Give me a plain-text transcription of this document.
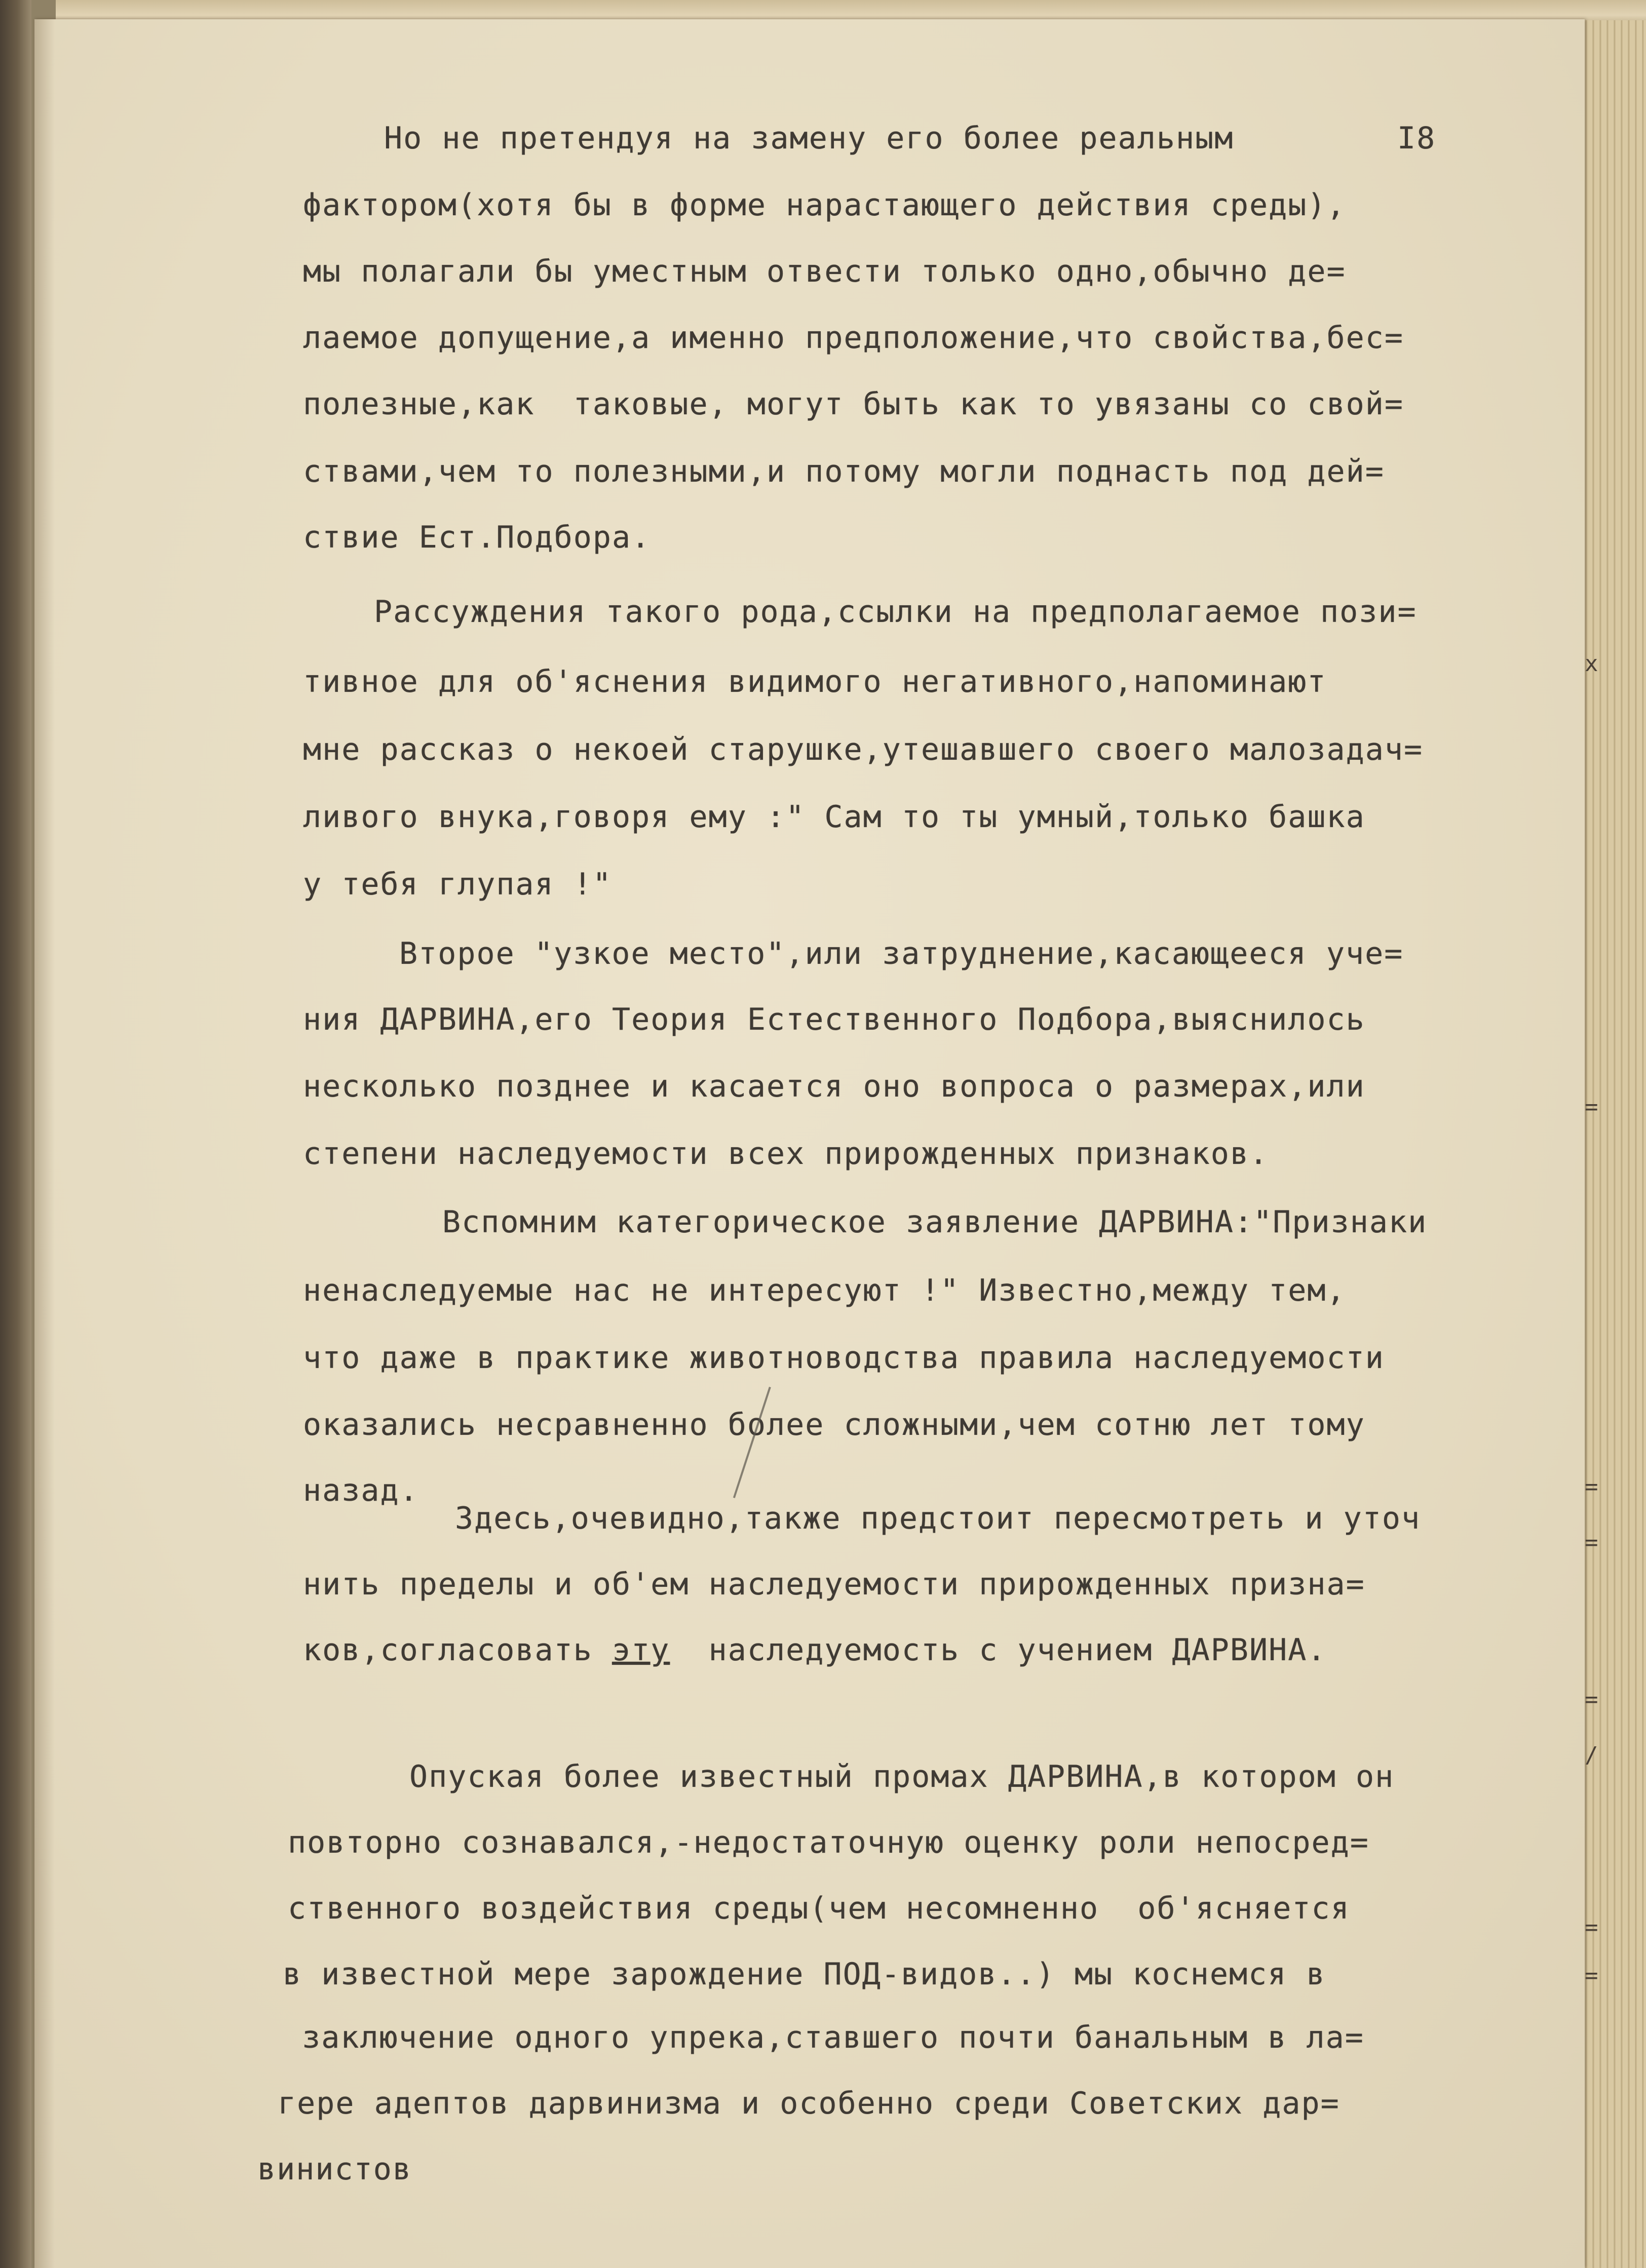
Но не претендуя на замену его более реальным	I8
фактором(хотя бы в форме нарастающего действия среды),
мы полагали бы уместным отвести только одно,обычно де=
лаемое допущение,а именно предположение,что свойства,бес=
полезные,как  таковые, могут быть как то увязаны со свой=
ствами,чем то полезными,и потому могли поднасть под дей=
ствие Ест.Подбора.
Рассуждения такого рода,ссылки на предполагаемое пози=
тивное для об'яснения видимого негативного,напоминают
мне рассказ о некоей старушке,утешавшего своего малозадач=
ливого внука,говоря ему :" Сам то ты умный,только башка
у тебя глупая !"
Второе "узкое место",или затруднение,касающееся уче=
ния ДАРВИНА,его Теория Естественного Подбора,выяснилось
несколько позднее и касается оно вопроса о размерах,или
степени наследуемости всех прирожденных признаков.
Вспомним категорическое заявление ДАРВИНА:"Признаки
ненаследуемые нас не интересуют !" Известно,между тем,
что даже в практике животноводства правила наследуемости
оказались несравненно более сложными,чем сотню лет тому
назад.
Здесь,очевидно,также предстоит пересмотреть и уточ
нить пределы и об'ем наследуемости прирожденных призна=
ков,согласовать эту  наследуемость с учением ДАРВИНА.
Опуская более известный промах ДАРВИНА,в котором он
повторно сознавался,-недостаточную оценку роли непосред=
ственного воздействия среды(чем несомненно  об'ясняется
в известной мере зарождение ПОД-видов..) мы коснемся в
заключение одного упрека,ставшего почти банальным в ла=
гере адептов дарвинизма и особенно среди Советских дар=
винистов
х
=
=
=
=
/
=
=
